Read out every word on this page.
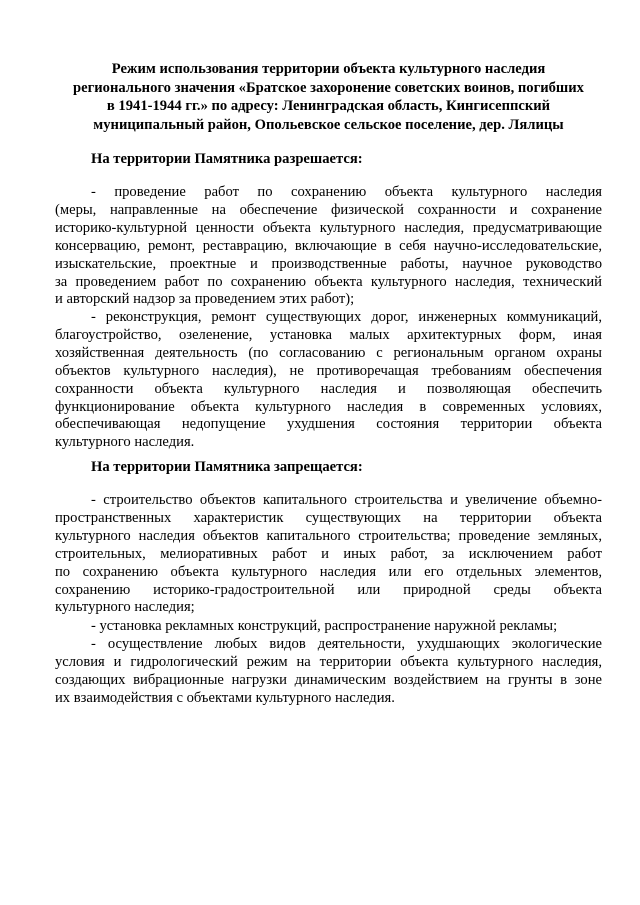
Режим использования территории объекта культурного наследия
регионального значения «Братское захоронение советских воинов, погибших
в 1941-1944 гг.» по адресу: Ленинградская область, Кингисеппский
муниципальный район, Опольевское сельское поселение, дер. Лялицы
На территории Памятника разрешается:
- проведение работ по сохранению объекта культурного наследия
(меры, направленные на обеспечение физической сохранности и сохранение
историко-культурной ценности объекта культурного наследия, предусматривающие
консервацию, ремонт, реставрацию, включающие в себя научно-исследовательские,
изыскательские, проектные и производственные работы, научное руководство
за проведением работ по сохранению объекта культурного наследия, технический
и авторский надзор за проведением этих работ);
- реконструкция, ремонт существующих дорог, инженерных коммуникаций,
благоустройство, озеленение, установка малых архитектурных форм, иная
хозяйственная деятельность (по согласованию с региональным органом охраны
объектов культурного наследия), не противоречащая требованиям обеспечения
сохранности объекта культурного наследия и позволяющая обеспечить
функционирование объекта культурного наследия в современных условиях,
обеспечивающая недопущение ухудшения состояния территории объекта
культурного наследия.
На территории Памятника запрещается:
- строительство объектов капитального строительства и увеличение объемно-
пространственных характеристик существующих на территории объекта
культурного наследия объектов капитального строительства; проведение земляных,
строительных, мелиоративных работ и иных работ, за исключением работ
по сохранению объекта культурного наследия или его отдельных элементов,
сохранению историко-градостроительной или природной среды объекта
культурного наследия;
- установка рекламных конструкций, распространение наружной рекламы;
- осуществление любых видов деятельности, ухудшающих экологические
условия и гидрологический режим на территории объекта культурного наследия,
создающих вибрационные нагрузки динамическим воздействием на грунты в зоне
их взаимодействия с объектами культурного наследия.
